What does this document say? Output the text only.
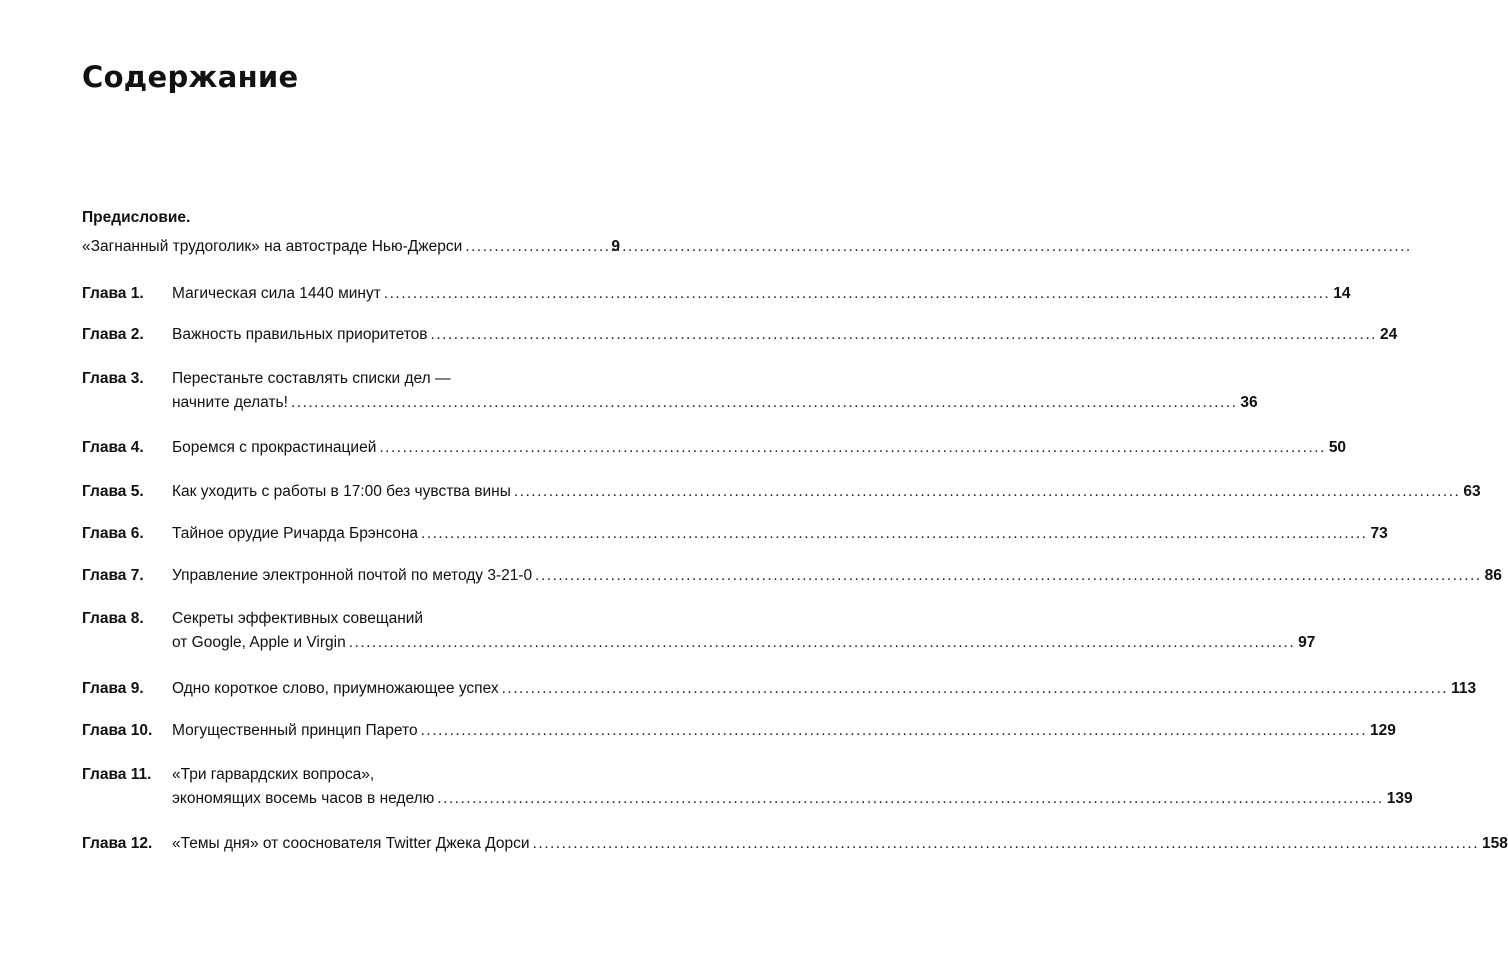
Содержание
Предисловие.
«Загнанный трудоголик» на автостраде Нью-Джерси .....	9
Глава 1.	Магическая сила 1440 минут .....	14
Глава 2.	Важность правильных приоритетов .....	24
Глава 3.	Перестаньте составлять списки дел —
начните делать! .....	36
Глава 4.	Боремся с прокрастинацией .....	50
Глава 5.	Как уходить с работы в 17:00 без чувства вины .....	63
Глава 6.	Тайное орудие Ричарда Брэнсона .....	73
Глава 7.	Управление электронной почтой по методу 3-21-0 .....	86
Глава 8.	Секреты эффективных совещаний
от Google, Apple и Virgin .....	97
Глава 9.	Одно короткое слово, приумножающее успех .....	113
Глава 10.	Могущественный принцип Парето .....	129
Глава 11.	«Три гарвардских вопроса»,
экономящих восемь часов в неделю .....	139
Глава 12.	«Темы дня» от сооснователя Twitter Джека Дорси .....	158
